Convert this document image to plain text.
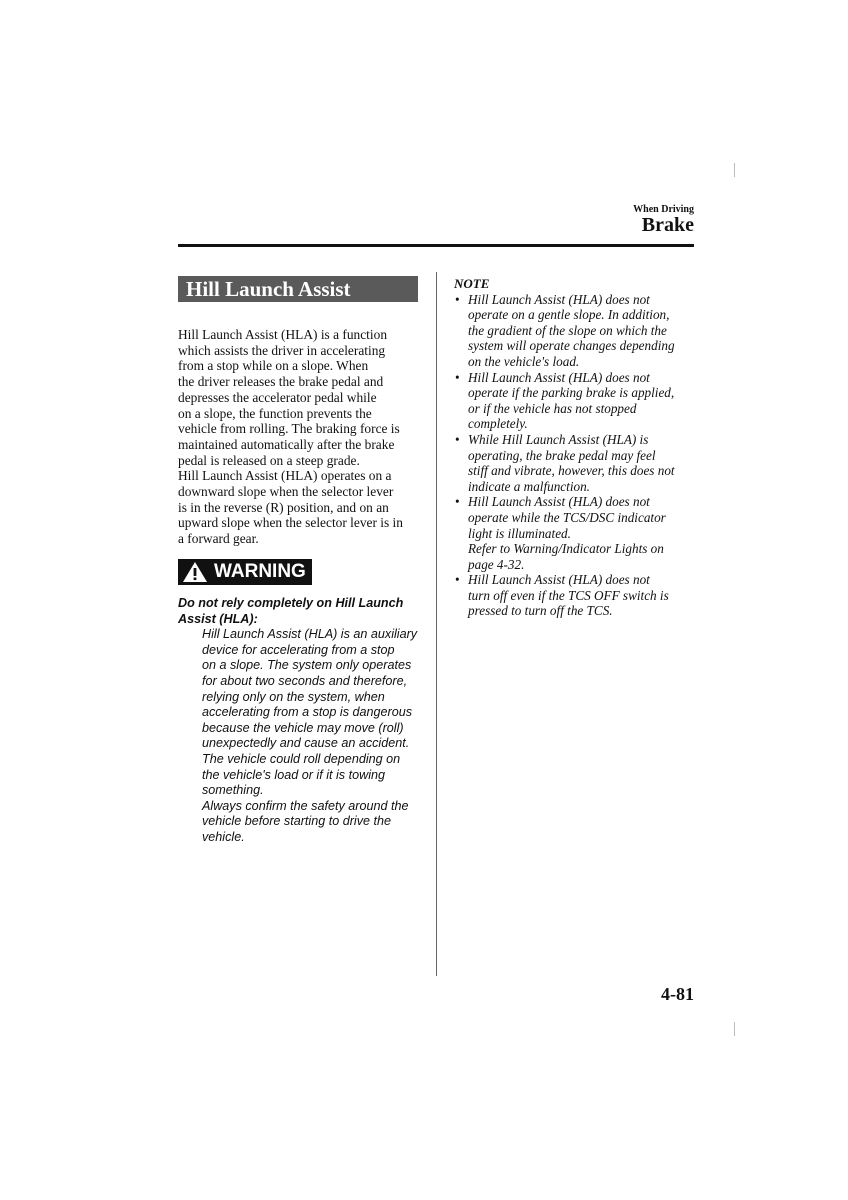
When Driving
Brake
Hill Launch Assist (HLA)
Hill Launch Assist (HLA) is a function
which assists the driver in accelerating
from a stop while on a slope. When
the driver releases the brake pedal and
depresses the accelerator pedal while
on a slope, the function prevents the
vehicle from rolling. The braking force is
maintained automatically after the brake
pedal is released on a steep grade.
Hill Launch Assist (HLA) operates on a
downward slope when the selector lever
is in the reverse (R) position, and on an
upward slope when the selector lever is in
a forward gear.
WARNING
Do not rely completely on Hill Launch
Assist (HLA):
Hill Launch Assist (HLA) is an auxiliary
device for accelerating from a stop
on a slope. The system only operates
for about two seconds and therefore,
relying only on the system, when
accelerating from a stop is dangerous
because the vehicle may move (roll)
unexpectedly and cause an accident.
The vehicle could roll depending on
the vehicle's load or if it is towing
something.
Always confirm the safety around the
vehicle before starting to drive the
vehicle.
NOTE
• Hill Launch Assist (HLA) does not
operate on a gentle slope. In addition,
the gradient of the slope on which the
system will operate changes depending
on the vehicle's load.
• Hill Launch Assist (HLA) does not
operate if the parking brake is applied,
or if the vehicle has not stopped
completely.
• While Hill Launch Assist (HLA) is
operating, the brake pedal may feel
stiff and vibrate, however, this does not
indicate a malfunction.
• Hill Launch Assist (HLA) does not
operate while the TCS/DSC indicator
light is illuminated.
Refer to Warning/Indicator Lights on
page 4-32.
• Hill Launch Assist (HLA) does not
turn off even if the TCS OFF switch is
pressed to turn off the TCS.
4-81
